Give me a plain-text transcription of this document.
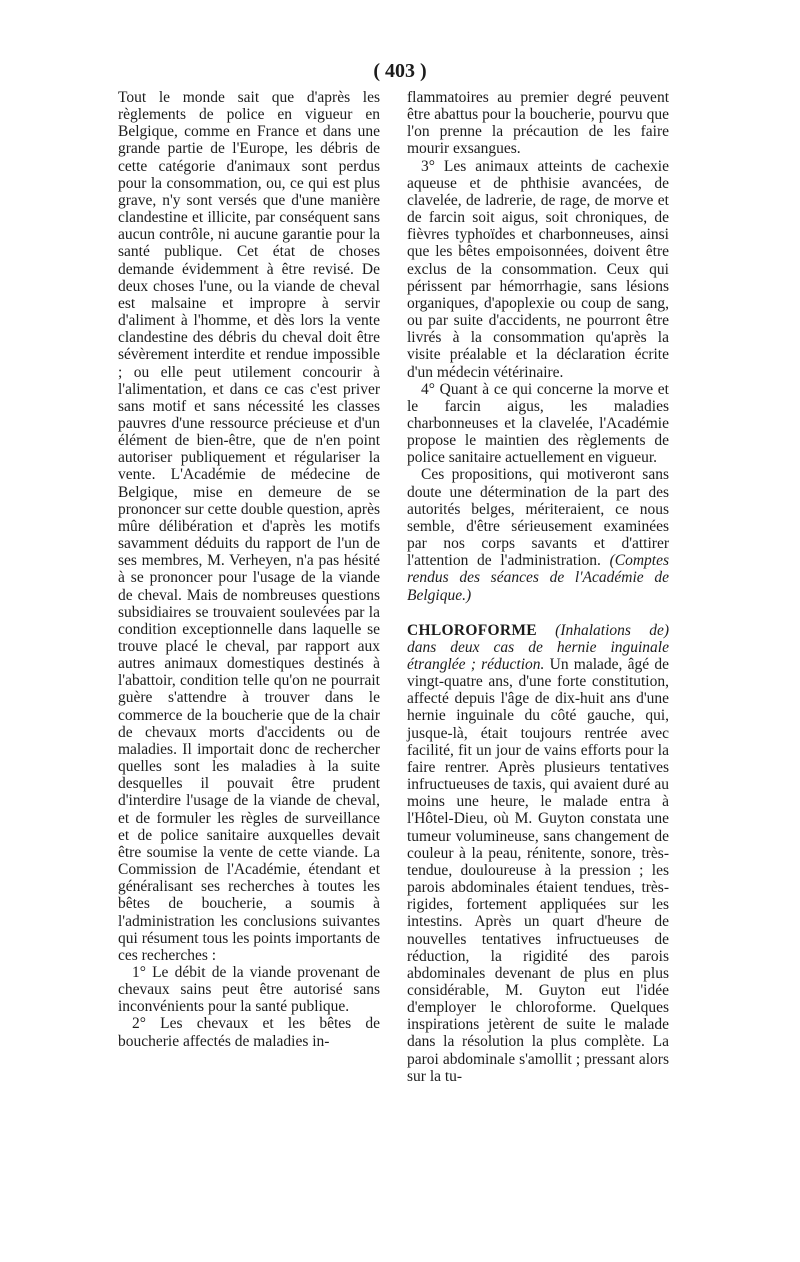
( 403 )

Tout le monde sait que d'après les règlements de police en vigueur en Belgique, comme en France et dans une grande partie de l'Europe, les débris de cette catégorie d'animaux sont perdus pour la consommation, ou, ce qui est plus grave, n'y sont versés que d'une manière clandestine et illicite, par conséquent sans aucun contrôle, ni aucune garantie pour la santé publique. Cet état de choses demande évidemment à être revisé. De deux choses l'une, ou la viande de cheval est malsaine et impropre à servir d'aliment à l'homme, et dès lors la vente clandestine des débris du cheval doit être sévèrement interdite et rendue impossible ; ou elle peut utilement concourir à l'alimentation, et dans ce cas c'est priver sans motif et sans nécessité les classes pauvres d'une ressource précieuse et d'un élément de bien-être, que de n'en point autoriser publiquement et régulariser la vente. L'Académie de médecine de Belgique, mise en demeure de se prononcer sur cette double question, après mûre délibération et d'après les motifs savamment déduits du rapport de l'un de ses membres, M. Verheyen, n'a pas hésité à se prononcer pour l'usage de la viande de cheval. Mais de nombreuses questions subsidiaires se trouvaient soulevées par la condition exceptionnelle dans laquelle se trouve placé le cheval, par rapport aux autres animaux domestiques destinés à l'abattoir, condition telle qu'on ne pourrait guère s'attendre à trouver dans le commerce de la boucherie que de la chair de chevaux morts d'accidents ou de maladies. Il importait donc de rechercher quelles sont les maladies à la suite desquelles il pouvait être prudent d'interdire l'usage de la viande de cheval, et de formuler les règles de surveillance et de police sanitaire auxquelles devait être soumise la vente de cette viande. La Commission de l'Académie, étendant et généralisant ses recherches à toutes les bêtes de boucherie, a soumis à l'administration les conclusions suivantes qui résument tous les points importants de ces recherches :

1° Le débit de la viande provenant de chevaux sains peut être autorisé sans inconvénients pour la santé publique.

2° Les chevaux et les bêtes de boucherie affectés de maladies in-

flammatoires au premier degré peuvent être abattus pour la boucherie, pourvu que l'on prenne la précaution de les faire mourir exsangues.

3° Les animaux atteints de cachexie aqueuse et de phthisie avancées, de clavelée, de ladrerie, de rage, de morve et de farcin soit aigus, soit chroniques, de fièvres typhoïdes et charbonneuses, ainsi que les bêtes empoisonnées, doivent être exclus de la consommation. Ceux qui périssent par hémorrhagie, sans lésions organiques, d'apoplexie ou coup de sang, ou par suite d'accidents, ne pourront être livrés à la consommation qu'après la visite préalable et la déclaration écrite d'un médecin vétérinaire.

4° Quant à ce qui concerne la morve et le farcin aigus, les maladies charbonneuses et la clavelée, l'Académie propose le maintien des règlements de police sanitaire actuellement en vigueur.

Ces propositions, qui motiveront sans doute une détermination de la part des autorités belges, mériteraient, ce nous semble, d'être sérieusement examinées par nos corps savants et d'attirer l'attention de l'administration. (Comptes rendus des séances de l'Académie de Belgique.)

CHLOROFORME (Inhalations de) dans deux cas de hernie inguinale étranglée ; réduction. Un malade, âgé de vingt-quatre ans, d'une forte constitution, affecté depuis l'âge de dix-huit ans d'une hernie inguinale du côté gauche, qui, jusque-là, était toujours rentrée avec facilité, fit un jour de vains efforts pour la faire rentrer. Après plusieurs tentatives infructueuses de taxis, qui avaient duré au moins une heure, le malade entra à l'Hôtel-Dieu, où M. Guyton constata une tumeur volumineuse, sans changement de couleur à la peau, rénitente, sonore, très-tendue, douloureuse à la pression ; les parois abdominales étaient tendues, très-rigides, fortement appliquées sur les intestins. Après un quart d'heure de nouvelles tentatives infructueuses de réduction, la rigidité des parois abdominales devenant de plus en plus considérable, M. Guyton eut l'idée d'employer le chloroforme. Quelques inspirations jetèrent de suite le malade dans la résolution la plus complète. La paroi abdominale s'amollit ; pressant alors sur la tu-
